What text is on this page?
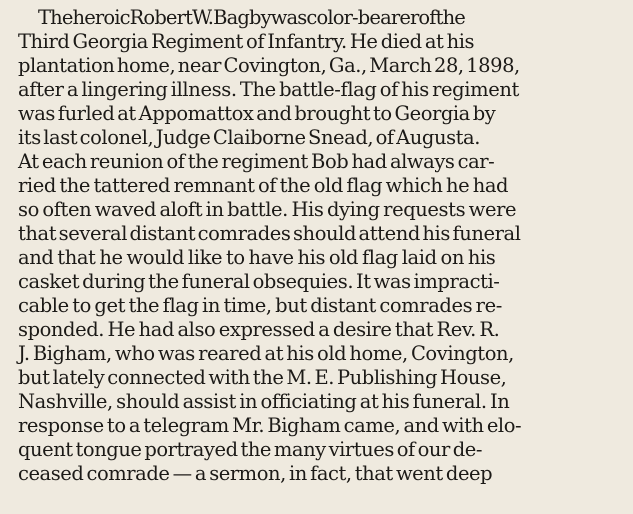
The heroic Robert W. Bagby was color-bearer of the
Third Georgia Regiment of Infantry. He died at his
plantation home, near Covington, Ga., March 28, 1898,
after a lingering illness. The battle-flag of his regiment
was furled at Appomattox and brought to Georgia by
its last colonel, Judge Claiborne Snead, of Augusta.
At each reunion of the regiment Bob had always car-
ried the tattered remnant of the old flag which he had
so often waved aloft in battle. His dying requests were
that several distant comrades should attend his funeral
and that he would like to have his old flag laid on his
casket during the funeral obsequies. It was impracti-
cable to get the flag in time, but distant comrades re-
sponded. He had also expressed a desire that Rev. R.
J. Bigham, who was reared at his old home, Covington,
but lately connected with the M. E. Publishing House,
Nashville, should assist in officiating at his funeral. In
response to a telegram Mr. Bigham came, and with elo-
quent tongue portrayed the many virtues of our de-
ceased comrade — a sermon, in fact, that went deep
